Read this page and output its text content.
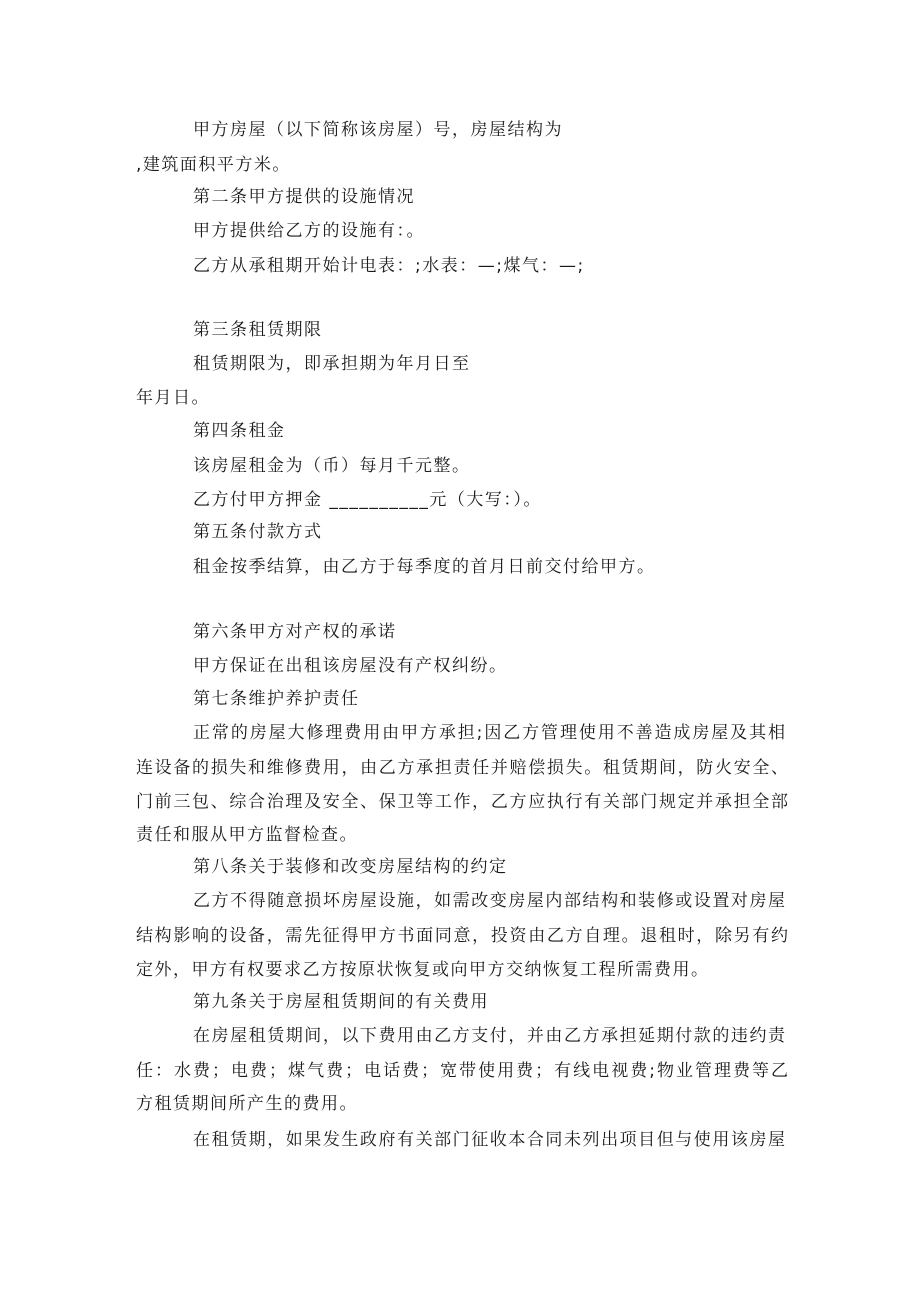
甲方房屋（以下简称该房屋）号，房屋结构为
,建筑面积平方米。
第二条甲方提供的设施情况
甲方提供给乙方的设施有：。
乙方从承租期开始计电表：;水表：—;煤气：—;
第三条租赁期限
租赁期限为，即承担期为年月日至
年月日。
第四条租金
该房屋租金为（币）每月千元整。
乙方付甲方押金 __________元（大写：）。
第五条付款方式
租金按季结算，由乙方于每季度的首月日前交付给甲方。
第六条甲方对产权的承诺
甲方保证在出租该房屋没有产权纠纷。
第七条维护养护责任
正常的房屋大修理费用由甲方承担;因乙方管理使用不善造成房屋及其相
连设备的损失和维修费用，由乙方承担责任并赔偿损失。租赁期间，防火安全、
门前三包、综合治理及安全、保卫等工作，乙方应执行有关部门规定并承担全部
责任和服从甲方监督检查。
第八条关于装修和改变房屋结构的约定
乙方不得随意损坏房屋设施，如需改变房屋内部结构和装修或设置对房屋
结构影响的设备，需先征得甲方书面同意，投资由乙方自理。退租时，除另有约
定外，甲方有权要求乙方按原状恢复或向甲方交纳恢复工程所需费用。
第九条关于房屋租赁期间的有关费用
在房屋租赁期间，以下费用由乙方支付，并由乙方承担延期付款的违约责
任：水费；电费；煤气费；电话费；宽带使用费；有线电视费;物业管理费等乙
方租赁期间所产生的费用。
在租赁期，如果发生政府有关部门征收本合同未列出项目但与使用该房屋
